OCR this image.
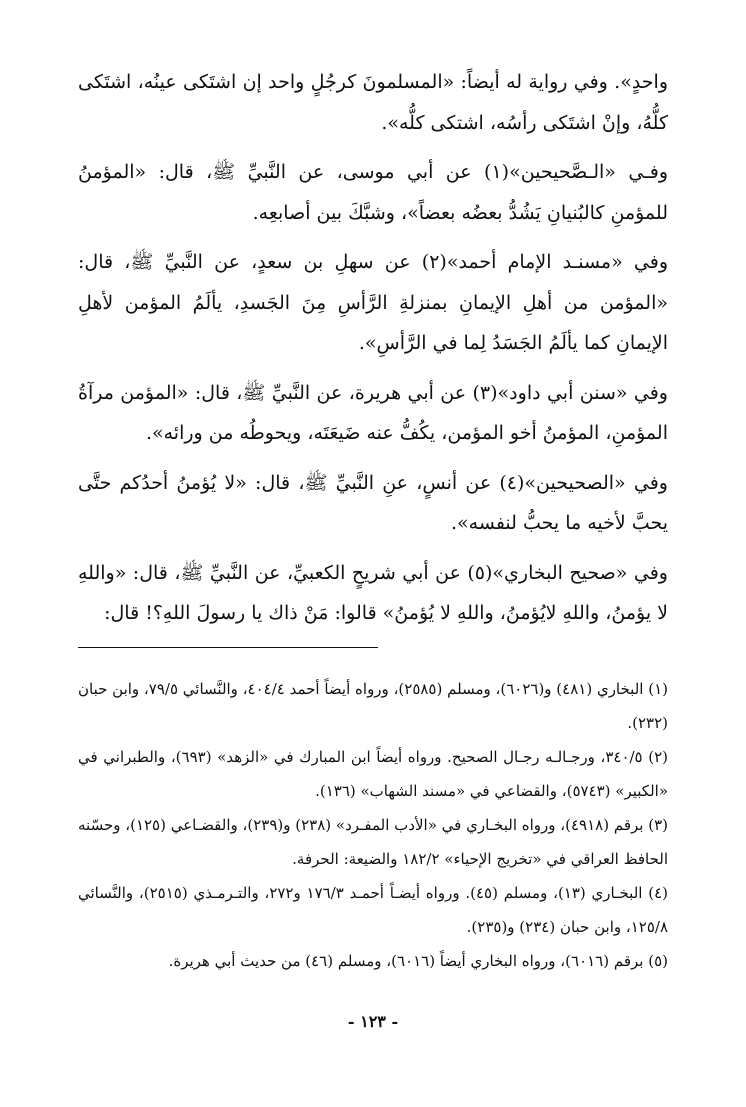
واحدٍ». وفي رواية له أيضاً: «المسلمونَ كرجُلٍ واحد إن اشتَكى عينُه، اشتَكى كلُّهُ، وإنْ اشتَكى رأسُه، اشتكى كلُّه».

وفـي «الـصَّحيحين»(١) عن أبي موسى، عن النَّبيِّ ﷺ، قال: «المؤمنُ للمؤمنِ كالبُنيانِ يَشُدُّ بعضُه بعضاً»، وشبَّكَ بين أصابعِه.

وفي «مسنـد الإمام أحمد»(٢) عن سهلِ بن سعدٍ، عن النَّبيِّ ﷺ، قال: «المؤمن من أهلِ الإيمانِ بمنزلةِ الرَّأسِ مِنَ الجَسدِ، يألَمُ المؤمن لأهلِ الإيمانِ كما يألَمُ الجَسَدُ لِما في الرَّأسِ».

وفي «سنن أبي داود»(٣) عن أبي هريرة، عن النَّبيِّ ﷺ، قال: «المؤمن مرآةُ المؤمنِ، المؤمنُ أخو المؤمن، يكُفُّ عنه ضَيعَتَه، ويحوطُه من ورائه».

وفي «الصحيحين»(٤) عن أنسٍ، عنِ النَّبيِّ ﷺ، قال: «لا يُؤمنُ أحدُكم حتَّى يحبَّ لأخيه ما يحبُّ لنفسه».

وفي «صحيح البخاري»(٥) عن أبي شريحٍ الكعبيِّ، عن النَّبيِّ ﷺ، قال: «واللهِ لا يؤمنُ، واللهِ لايُؤمنُ، واللهِ لا يُؤمنُ» قالوا: مَنْ ذاك يا رسولَ اللهِ؟! قال:

(١) البخاري (٤٨١) و(٦٠٢٦)، ومسلم (٢٥٨٥)، ورواه أيضاً أحمد ٤٠٤/٤، والنَّسائي ٧٩/٥، وابن حبان (٢٣٢).

(٢) ٣٤٠/٥، ورجـالـه رجـال الصحيح. ورواه أيضاً ابن المبارك في «الزهد» (٦٩٣)، والطبراني في «الكبير» (٥٧٤٣)، والقضاعي في «مسند الشهاب» (١٣٦).

(٣) برقم (٤٩١٨)، ورواه البخـاري في «الأدب المفـرد» (٢٣٨) و(٢٣٩)، والقضـاعي (١٢٥)، وحسّنه الحافظ العراقي في «تخريج الإحياء» ١٨٢/٢ والضيعة: الحرفة.

(٤) البخـاري (١٣)، ومسلم (٤٥). ورواه أيضـاً أحمـد ١٧٦/٣ و٢٧٢، والتـرمـذي (٢٥١٥)، والنَّسائي ١٢٥/٨، وابن حبان (٢٣٤) و(٢٣٥).

(٥) برقم (٦٠١٦)، ورواه البخاري أيضاً (٦٠١٦)، ومسلم (٤٦) من حديث أبي هريرة.

- ١٢٣ -
